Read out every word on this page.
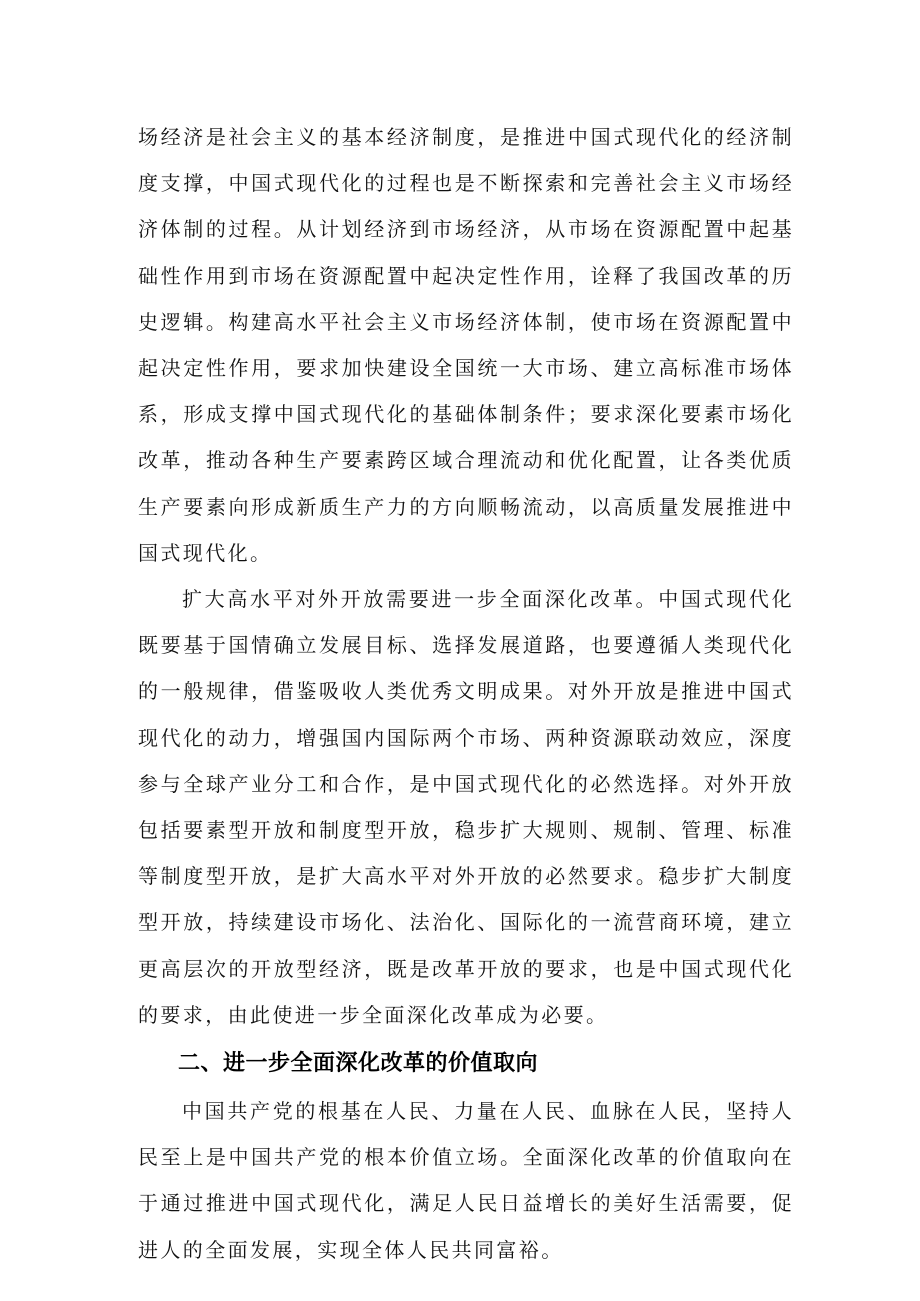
场经济是社会主义的基本经济制度，是推进中国式现代化的经济制度支撑，中国式现代化的过程也是不断探索和完善社会主义市场经济体制的过程。从计划经济到市场经济，从市场在资源配置中起基础性作用到市场在资源配置中起决定性作用，诠释了我国改革的历史逻辑。构建高水平社会主义市场经济体制，使市场在资源配置中起决定性作用，要求加快建设全国统一大市场、建立高标准市场体系，形成支撑中国式现代化的基础体制条件；要求深化要素市场化改革，推动各种生产要素跨区域合理流动和优化配置，让各类优质生产要素向形成新质生产力的方向顺畅流动，以高质量发展推进中国式现代化。

扩大高水平对外开放需要进一步全面深化改革。中国式现代化既要基于国情确立发展目标、选择发展道路，也要遵循人类现代化的一般规律，借鉴吸收人类优秀文明成果。对外开放是推进中国式现代化的动力，增强国内国际两个市场、两种资源联动效应，深度参与全球产业分工和合作，是中国式现代化的必然选择。对外开放包括要素型开放和制度型开放，稳步扩大规则、规制、管理、标准等制度型开放，是扩大高水平对外开放的必然要求。稳步扩大制度型开放，持续建设市场化、法治化、国际化的一流营商环境，建立更高层次的开放型经济，既是改革开放的要求，也是中国式现代化的要求，由此使进一步全面深化改革成为必要。

二、进一步全面深化改革的价值取向

中国共产党的根基在人民、力量在人民、血脉在人民，坚持人民至上是中国共产党的根本价值立场。全面深化改革的价值取向在于通过推进中国式现代化，满足人民日益增长的美好生活需要，促进人的全面发展，实现全体人民共同富裕。
